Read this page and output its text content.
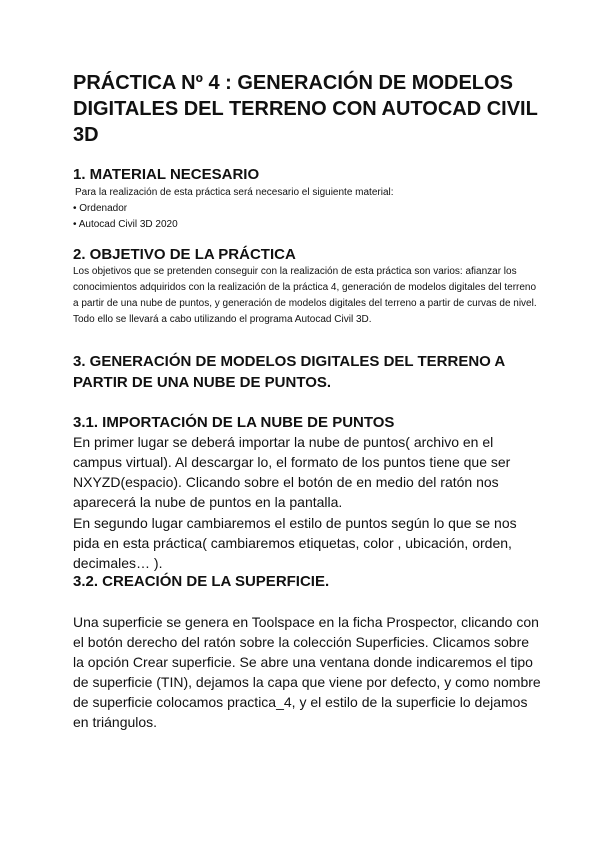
PRÁCTICA Nº 4 : GENERACIÓN DE MODELOS DIGITALES DEL TERRENO CON AUTOCAD CIVIL 3D
1. MATERIAL NECESARIO

Para la realización de esta práctica será necesario el siguiente material:

• Ordenador
• Autocad Civil 3D 2020
2. OBJETIVO DE LA PRÁCTICA

Los objetivos que se pretenden conseguir con la realización de esta práctica son varios: afianzar los conocimientos adquiridos con la realización de la práctica 4, generación de modelos digitales del terreno a partir de una nube de puntos, y generación de modelos digitales del terreno a partir de curvas de nivel. Todo ello se llevará a cabo utilizando el programa Autocad Civil 3D.

3. GENERACIÓN DE MODELOS DIGITALES DEL TERRENO A PARTIR DE UNA NUBE DE PUNTOS.
3.1. IMPORTACIÓN DE LA NUBE DE PUNTOS

En primer lugar se deberá importar la nube de puntos( archivo en el campus virtual). Al descargar lo, el formato de los puntos tiene que ser NXYZD(espacio). Clicando sobre el botón de en medio del ratón nos aparecerá la nube de puntos en la pantalla.

En segundo lugar cambiaremos el estilo de puntos según lo que se nos pida en esta práctica( cambiaremos etiquetas, color , ubicación, orden, decimales… ).

3.2. CREACIÓN DE LA SUPERFICIE.

Una superficie se genera en Toolspace en la ficha Prospector, clicando con el botón derecho del ratón sobre la colección Superficies. Clicamos sobre la opción Crear superficie. Se abre una ventana donde indicaremos el tipo de superficie (TIN), dejamos la capa que viene por defecto, y como nombre de superficie colocamos practica_4, y el estilo de la superficie lo dejamos en triángulos.
